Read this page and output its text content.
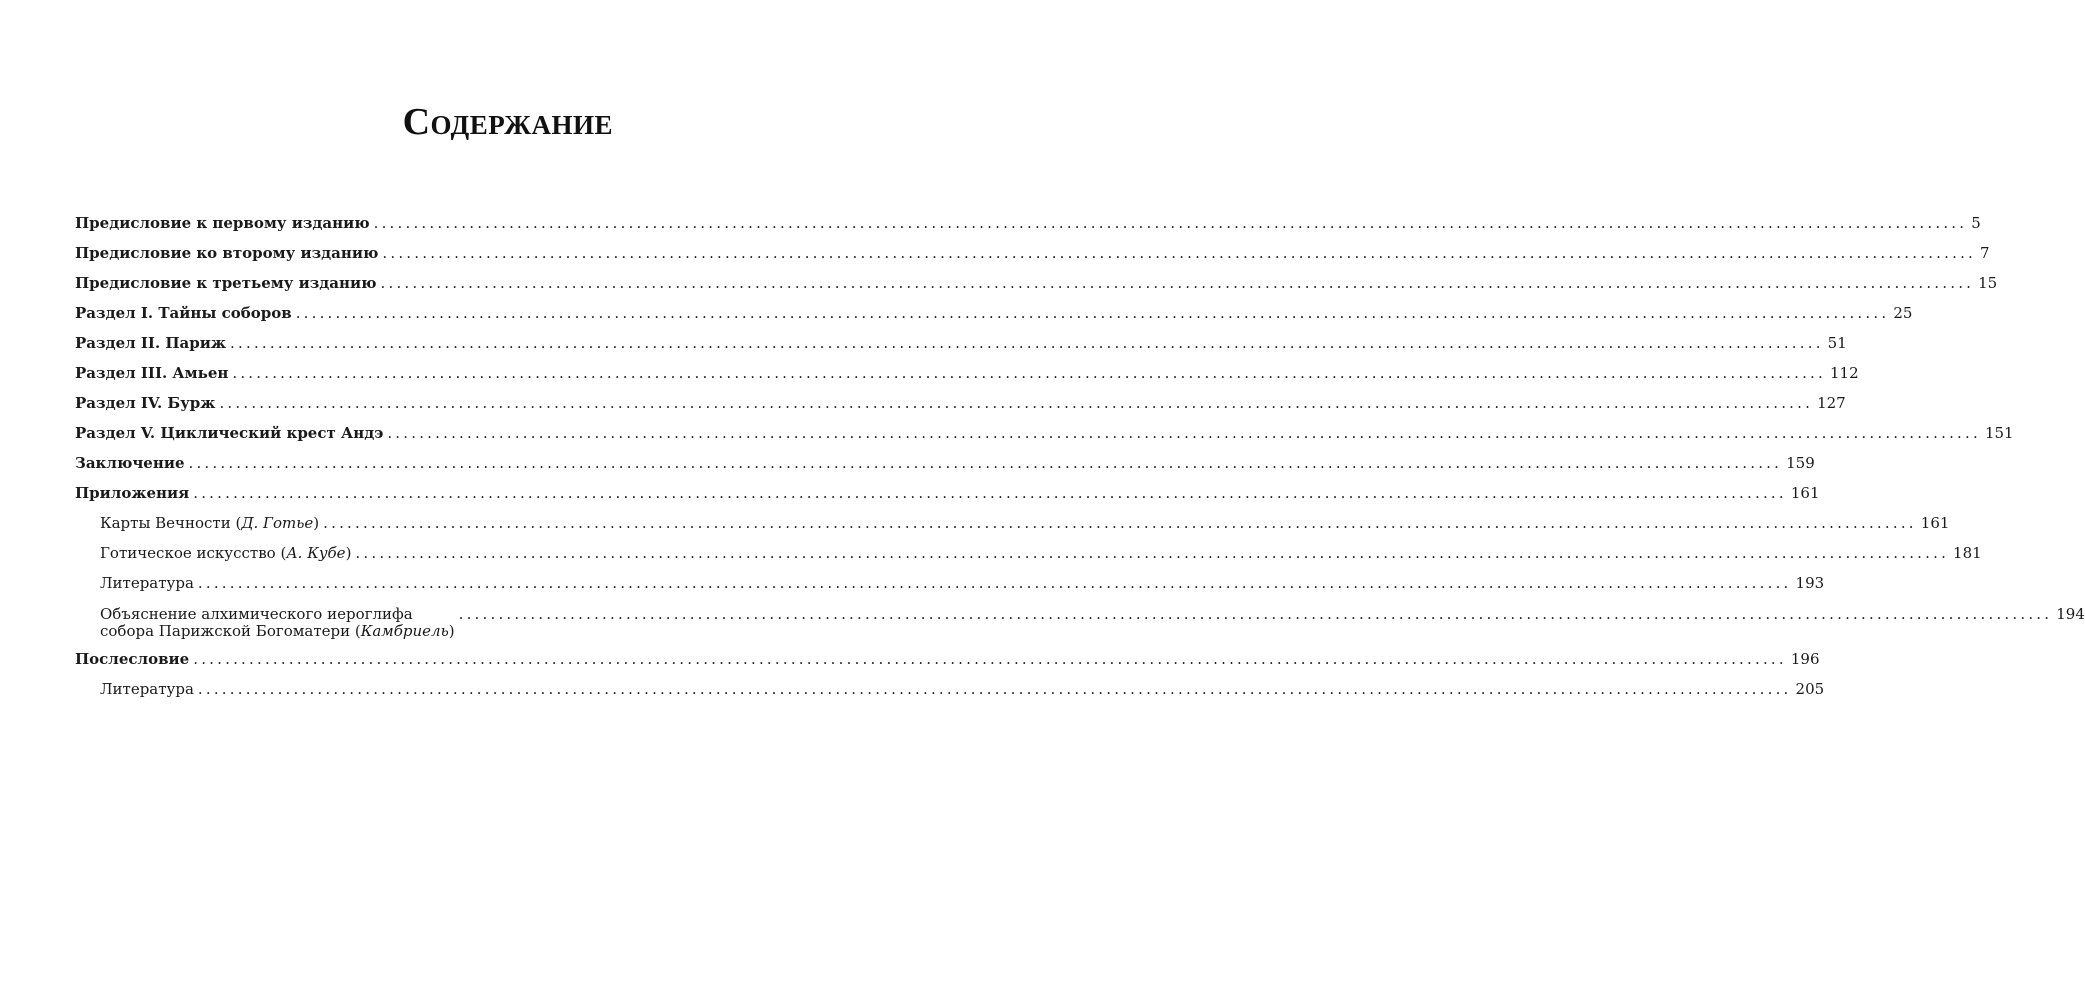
Содержание
Предисловие к первому изданию ........................................................................................................................................................................................................ 5
Предисловие ко второму изданию ........................................................................................................................................................................................................ 7
Предисловие к третьему изданию ........................................................................................................................................................................................................ 15
Раздел I. Тайны соборов ........................................................................................................................................................................................................ 25
Раздел II. Париж ........................................................................................................................................................................................................ 51
Раздел III. Амьен ........................................................................................................................................................................................................ 112
Раздел IV. Бурж ........................................................................................................................................................................................................ 127
Раздел V. Циклический крест Андэ ........................................................................................................................................................................................................ 151
Заключение ........................................................................................................................................................................................................ 159
Приложения ........................................................................................................................................................................................................ 161
Карты Вечности (Д. Готье) ........................................................................................................................................................................................................ 161
Готическое искусство (А. Кубе) ........................................................................................................................................................................................................ 181
Литература ........................................................................................................................................................................................................ 193
Объяснение алхимического иероглифа
собора Парижской Богоматери (Камбриель)
........................................................................................................................................................................................................ 194
Послесловие ........................................................................................................................................................................................................ 196
Литература ........................................................................................................................................................................................................ 205
